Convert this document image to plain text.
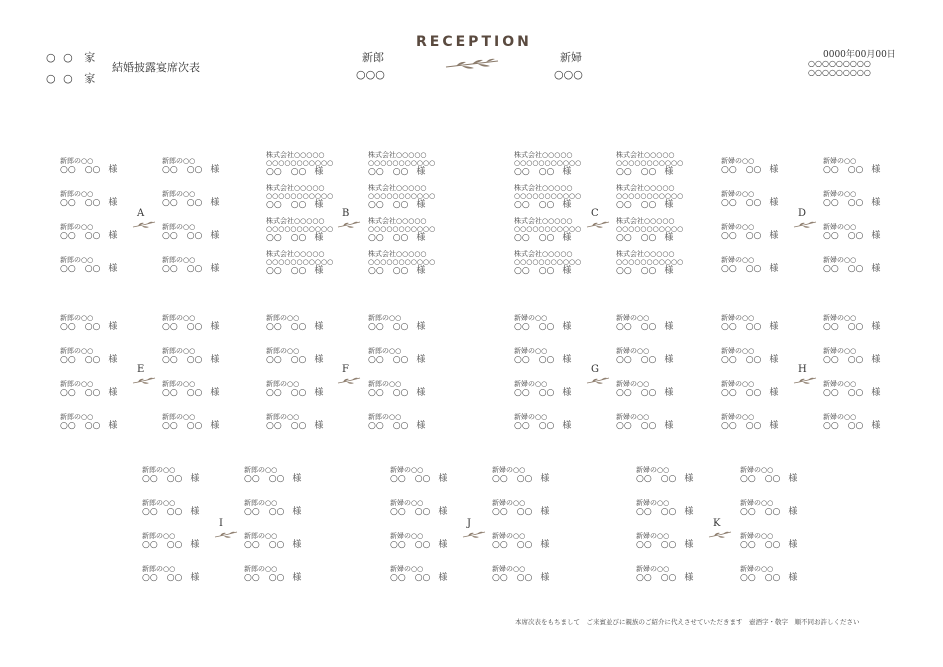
○ ○ 家
○ ○ 家
結婚披露宴席次表
RECEPTION
新郎
○○○
新婦
○○○
0000年00月00日
○○○○○○○○○
○○○○○○○○○
新郎の○○
○○　○○ 様
新郎の○○
○○　○○ 様
新郎の○○
○○　○○ 様
新郎の○○
○○　○○ 様
新郎の○○
○○　○○ 様
新郎の○○
○○　○○ 様
新郎の○○
○○　○○ 様
新郎の○○
○○　○○ 様
A
株式会社○○○○○
○○○○○○○○○○○
○○　○○ 様
株式会社○○○○○
○○○○○○○○○○○
○○　○○ 様
株式会社○○○○○
○○○○○○○○○○○
○○　○○ 様
株式会社○○○○○
○○○○○○○○○○○
○○　○○ 様
株式会社○○○○○
○○○○○○○○○○○
○○　○○ 様
株式会社○○○○○
○○○○○○○○○○○
○○　○○ 様
株式会社○○○○○
○○○○○○○○○○○
○○　○○ 様
株式会社○○○○○
○○○○○○○○○○○
○○　○○ 様
B
株式会社○○○○○
○○○○○○○○○○○
○○　○○ 様
株式会社○○○○○
○○○○○○○○○○○
○○　○○ 様
株式会社○○○○○
○○○○○○○○○○○
○○　○○ 様
株式会社○○○○○
○○○○○○○○○○○
○○　○○ 様
株式会社○○○○○
○○○○○○○○○○○
○○　○○ 様
株式会社○○○○○
○○○○○○○○○○○
○○　○○ 様
株式会社○○○○○
○○○○○○○○○○○
○○　○○ 様
株式会社○○○○○
○○○○○○○○○○○
○○　○○ 様
C
新婦の○○
○○　○○ 様
新婦の○○
○○　○○ 様
新婦の○○
○○　○○ 様
新婦の○○
○○　○○ 様
新婦の○○
○○　○○ 様
新婦の○○
○○　○○ 様
新婦の○○
○○　○○ 様
新婦の○○
○○　○○ 様
D
新郎の○○
○○　○○ 様
新郎の○○
○○　○○ 様
新郎の○○
○○　○○ 様
新郎の○○
○○　○○ 様
新郎の○○
○○　○○ 様
新郎の○○
○○　○○ 様
新郎の○○
○○　○○ 様
新郎の○○
○○　○○ 様
E
新郎の○○
○○　○○ 様
新郎の○○
○○　○○ 様
新郎の○○
○○　○○ 様
新郎の○○
○○　○○ 様
新郎の○○
○○　○○ 様
新郎の○○
○○　○○ 様
新郎の○○
○○　○○ 様
新郎の○○
○○　○○ 様
F
新婦の○○
○○　○○ 様
新婦の○○
○○　○○ 様
新婦の○○
○○　○○ 様
新婦の○○
○○　○○ 様
新婦の○○
○○　○○ 様
新婦の○○
○○　○○ 様
新婦の○○
○○　○○ 様
新婦の○○
○○　○○ 様
G
新婦の○○
○○　○○ 様
新婦の○○
○○　○○ 様
新婦の○○
○○　○○ 様
新婦の○○
○○　○○ 様
新婦の○○
○○　○○ 様
新婦の○○
○○　○○ 様
新婦の○○
○○　○○ 様
新婦の○○
○○　○○ 様
H
新郎の○○
○○　○○ 様
新郎の○○
○○　○○ 様
新郎の○○
○○　○○ 様
新郎の○○
○○　○○ 様
新郎の○○
○○　○○ 様
新郎の○○
○○　○○ 様
新郎の○○
○○　○○ 様
新郎の○○
○○　○○ 様
I
新婦の○○
○○　○○ 様
新婦の○○
○○　○○ 様
新婦の○○
○○　○○ 様
新婦の○○
○○　○○ 様
新婦の○○
○○　○○ 様
新婦の○○
○○　○○ 様
新婦の○○
○○　○○ 様
新婦の○○
○○　○○ 様
J
新婦の○○
○○　○○ 様
新婦の○○
○○　○○ 様
新婦の○○
○○　○○ 様
新婦の○○
○○　○○ 様
新婦の○○
○○　○○ 様
新婦の○○
○○　○○ 様
新婦の○○
○○　○○ 様
新婦の○○
○○　○○ 様
K
本席次表をもちまして　ご来賓並びに親族のご紹介に代えさせていただきます　壺酒字・敬字　順不同お許しください
